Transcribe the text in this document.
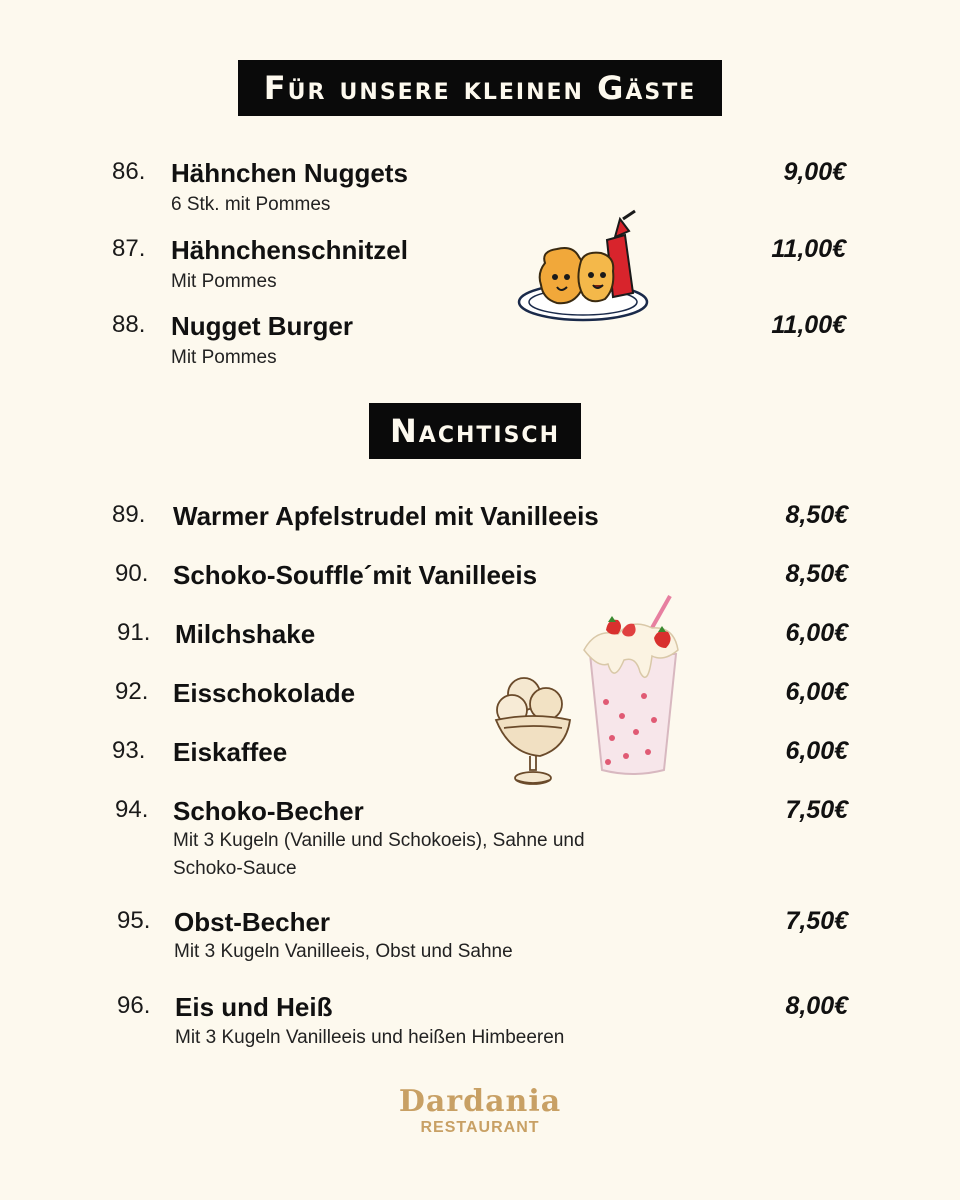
Für unsere kleinen Gäste
86. Hähnchen Nuggets
6 Stk. mit Pommes
9,00€
87. Hähnchenschnitzel
Mit Pommes
11,00€
88. Nugget Burger
Mit Pommes
11,00€
Nachtisch
89. Warmer Apfelstrudel mit Vanilleeis	8,50€
90. Schoko-Souffle´mit Vanilleeis	8,50€
91. Milchshake	6,00€
92. Eisschokolade	6,00€
93. Eiskaffee	6,00€
94. Schoko-Becher
Mit 3 Kugeln (Vanille und Schokoeis), Sahne und Schoko-Sauce
7,50€
95. Obst-Becher
Mit 3 Kugeln Vanilleeis, Obst und Sahne
7,50€
96. Eis und Heiß
Mit 3 Kugeln Vanilleeis und heißen Himbeeren
8,00€
Dardania
RESTAURANT
